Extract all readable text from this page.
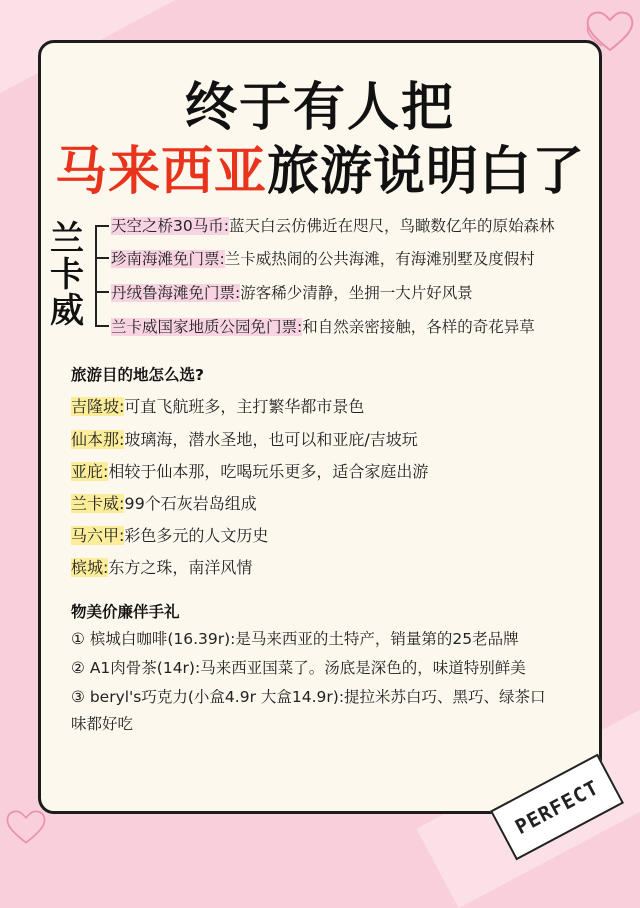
终于有人把
马来西亚旅游说明白了
兰卡威
天空之桥30马币:蓝天白云仿佛近在咫尺，鸟瞰数亿年的原始森林
珍南海滩免门票:兰卡威热闹的公共海滩，有海滩别墅及度假村
丹绒鲁海滩免门票:游客稀少清静，坐拥一大片好风景
兰卡威国家地质公园免门票:和自然亲密接触，各样的奇花异草
旅游目的地怎么选?
吉隆坡:可直飞航班多，主打繁华都市景色
仙本那:玻璃海，潜水圣地，也可以和亚庇/吉坡玩
亚庇:相较于仙本那，吃喝玩乐更多，适合家庭出游
兰卡威:99个石灰岩岛组成
马六甲:彩色多元的人文历史
槟城:东方之珠，南洋风情
物美价廉伴手礼
① 槟城白咖啡(16.39r):是马来西亚的土特产，销量第的25老品牌
② A1肉骨茶(14r):马来西亚国菜了。汤底是深色的，味道特别鲜美
③ beryl's巧克力(小盒4.9r 大盒14.9r):提拉米苏白巧、黑巧、绿茶口
味都好吃
PERFECT
